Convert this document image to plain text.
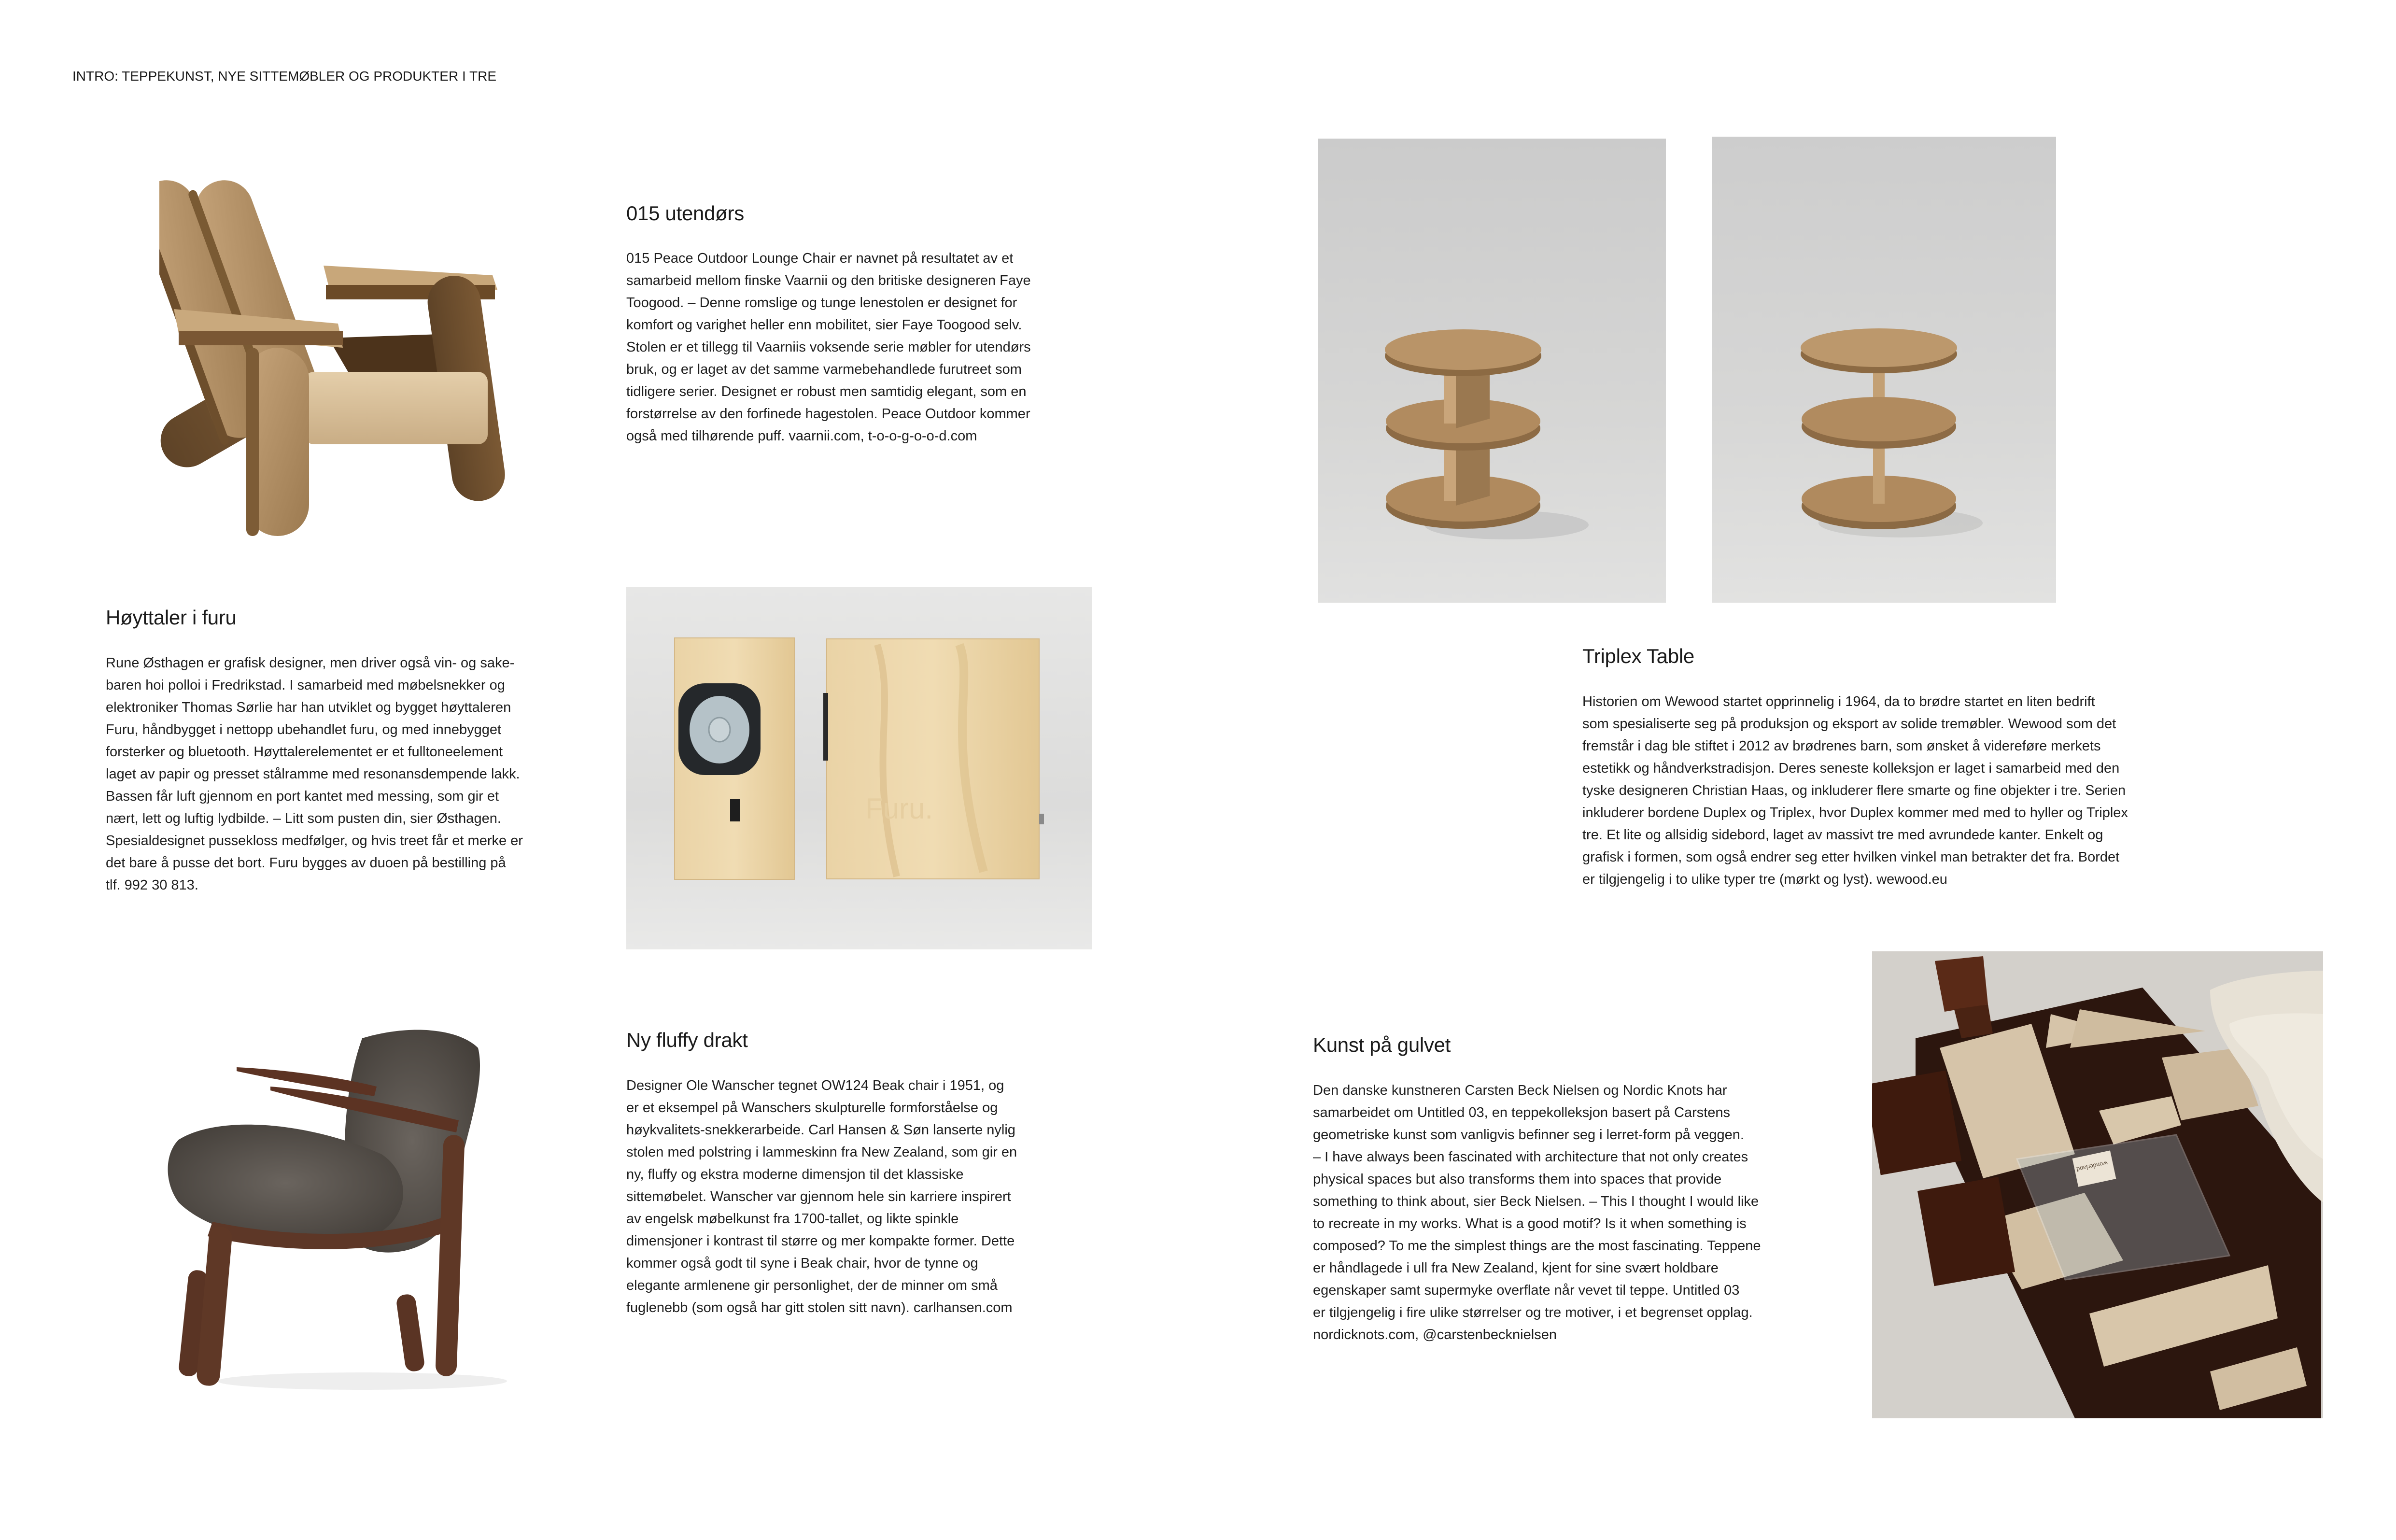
INTRO: TEPPEKUNST, NYE SITTEMØBLER OG PRODUKTER I TRE
015 utendørs
015 Peace Outdoor Lounge Chair er navnet på resultatet av et
samarbeid mellom finske Vaarnii og den britiske designeren Faye
Toogood. – Denne romslige og tunge lenestolen er designet for
komfort og varighet heller enn mobilitet, sier Faye Toogood selv.
Stolen er et tillegg til Vaarniis voksende serie møbler for utendørs
bruk, og er laget av det samme varmebehandlede furutreet som
tidligere serier. Designet er robust men samtidig elegant, som en
forstørrelse av den forfinede hagestolen. Peace Outdoor kommer
også med tilhørende puff. vaarnii.com, t-o-o-g-o-o-d.com
Høyttaler i furu
Rune Østhagen er grafisk designer, men driver også vin- og sake-
baren hoi polloi i Fredrikstad. I samarbeid med møbelsnekker og
elektroniker Thomas Sørlie har han utviklet og bygget høyttaleren
Furu, håndbygget i nettopp ubehandlet furu, og med innebygget
forsterker og bluetooth. Høyttalerelementet er et fulltoneelement
laget av papir og presset stålramme med resonansdempende lakk.
Bassen får luft gjennom en port kantet med messing, som gir et
nært, lett og luftig lydbilde. – Litt som pusten din, sier Østhagen.
Spesialdesignet pussekloss medfølger, og hvis treet får et merke er
det bare å pusse det bort. Furu bygges av duoen på bestilling på
tlf. 992 30 813.
Furu.
Triplex Table
Historien om Wewood startet opprinnelig i 1964, da to brødre startet en liten bedrift
som spesialiserte seg på produksjon og eksport av solide tremøbler. Wewood som det
fremstår i dag ble stiftet i 2012 av brødrenes barn, som ønsket å videreføre merkets
estetikk og håndverkstradisjon. Deres seneste kolleksjon er laget i samarbeid med den
tyske designeren Christian Haas, og inkluderer flere smarte og fine objekter i tre. Serien
inkluderer bordene Duplex og Triplex, hvor Duplex kommer med med to hyller og Triplex
tre. Et lite og allsidig sidebord, laget av massivt tre med avrundede kanter. Enkelt og
grafisk i formen, som også endrer seg etter hvilken vinkel man betrakter det fra. Bordet
er tilgjengelig i to ulike typer tre (mørkt og lyst). wewood.eu
Ny fluffy drakt
Designer Ole Wanscher tegnet OW124 Beak chair i 1951, og
er et eksempel på Wanschers skulpturelle formforståelse og
høykvalitets-snekkerarbeide. Carl Hansen & Søn lanserte nylig
stolen med polstring i lammeskinn fra New Zealand, som gir en
ny, fluffy og ekstra moderne dimensjon til det klassiske
sittemøbelet. Wanscher var gjennom hele sin karriere inspirert
av engelsk møbelkunst fra 1700-tallet, og likte spinkle
dimensjoner i kontrast til større og mer kompakte former. Dette
kommer også godt til syne i Beak chair, hvor de tynne og
elegante armlenene gir personlighet, der de minner om små
fuglenebb (som også har gitt stolen sitt navn). carlhansen.com
Kunst på gulvet
Den danske kunstneren Carsten Beck Nielsen og Nordic Knots har
samarbeidet om Untitled 03, en teppekolleksjon basert på Carstens
geometriske kunst som vanligvis befinner seg i lerret-form på veggen.
– I have always been fascinated with architecture that not only creates
physical spaces but also transforms them into spaces that provide
something to think about, sier Beck Nielsen. – This I thought I would like
to recreate in my works. What is a good motif? Is it when something is
composed? To me the simplest things are the most fascinating. Teppene
er håndlagede i ull fra New Zealand, kjent for sine svært holdbare
egenskaper samt supermyke overflate når vevet til teppe. Untitled 03
er tilgjengelig i fire ulike størrelser og tre motiver, i et begrenset opplag.
nordicknots.com, @carstenbecknielsen
wonderland
